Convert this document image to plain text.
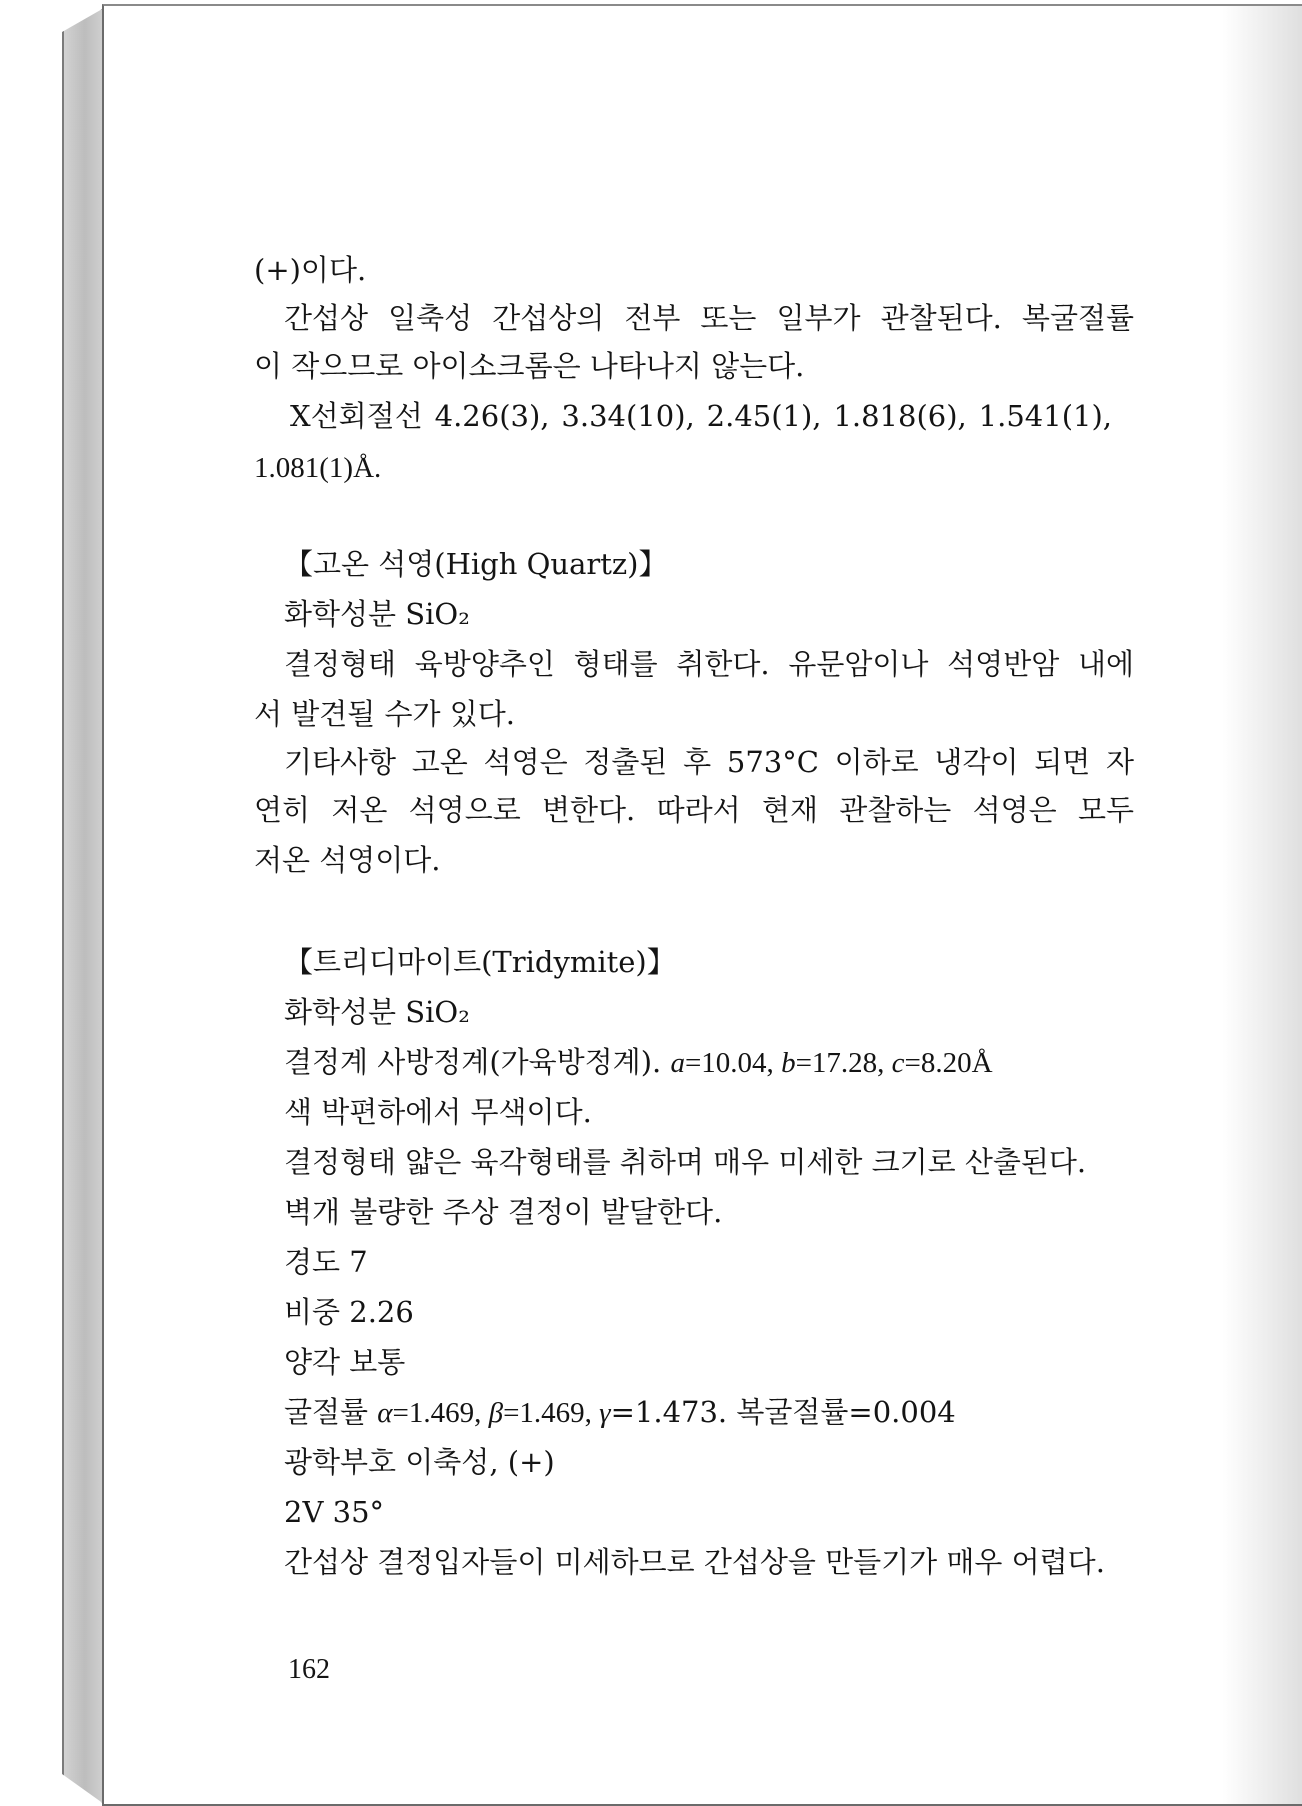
(+)이다.
간섭상 일축성 간섭상의 전부 또는 일부가 관찰된다. 복굴절률
이 작으므로 아이소크롬은 나타나지 않는다.
X선회절선 4.26(3), 3.34(10), 2.45(1), 1.818(6), 1.541(1),
1.081(1)Å.
【고온 석영(High Quartz)】
화학성분 SiO₂
결정형태 육방양추인 형태를 취한다. 유문암이나 석영반암 내에
서 발견될 수가 있다.
기타사항 고온 석영은 정출된 후 573°C 이하로 냉각이 되면 자
연히 저온 석영으로 변한다. 따라서 현재 관찰하는 석영은 모두
저온 석영이다.
【트리디마이트(Tridymite)】
화학성분 SiO₂
결정계 사방정계(가육방정계). a=10.04, b=17.28, c=8.20Å
색 박편하에서 무색이다.
결정형태 얇은 육각형태를 취하며 매우 미세한 크기로 산출된다.
벽개 불량한 주상 결정이 발달한다.
경도 7
비중 2.26
양각 보통
굴절률 α=1.469, β=1.469, γ=1.473. 복굴절률=0.004
광학부호 이축성, (+)
2V 35°
간섭상 결정입자들이 미세하므로 간섭상을 만들기가 매우 어렵다.
162
